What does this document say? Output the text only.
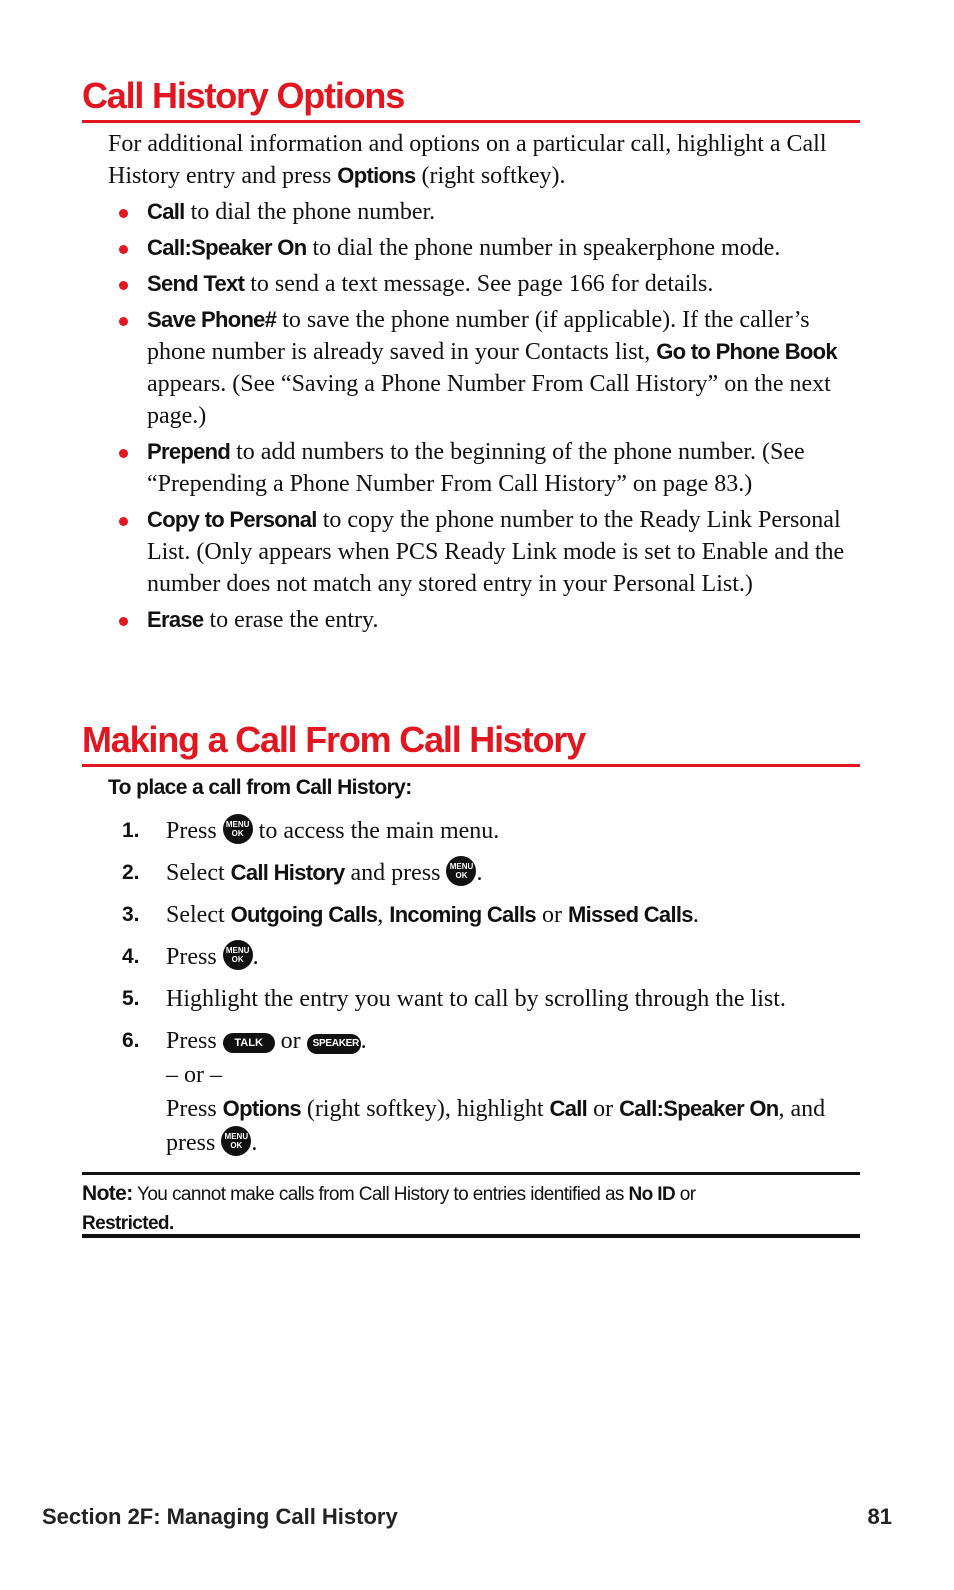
Call History Options
For additional information and options on a particular call, highlight a Call History entry and press Options (right softkey).
Call to dial the phone number.
Call:Speaker On to dial the phone number in speakerphone mode.
Send Text to send a text message. See page 166 for details.
Save Phone# to save the phone number (if applicable). If the caller’s phone number is already saved in your Contacts list, Go to Phone Book appears. (See “Saving a Phone Number From Call History” on the next page.)
Prepend to add numbers to the beginning of the phone number. (See “Prepending a Phone Number From Call History” on page 83.)
Copy to Personal to copy the phone number to the Ready Link Personal List. (Only appears when PCS Ready Link mode is set to Enable and the number does not match any stored entry in your Personal List.)
Erase to erase the entry.
Making a Call From Call History
To place a call from Call History:
1. Press MENU
OK to access the main menu.
2. Select Call History and press MENU
OK .
3. Select Outgoing Calls, Incoming Calls or Missed Calls.
4. Press MENU
OK .
5. Highlight the entry you want to call by scrolling through the list.
6. Press TALK or SPEAKER.
– or –
Press Options (right softkey), highlight Call or Call:Speaker On, and press MENU
OK .
Note: You cannot make calls from Call History to entries identified as No ID or
Restricted.
Section 2F: Managing Call History	81
